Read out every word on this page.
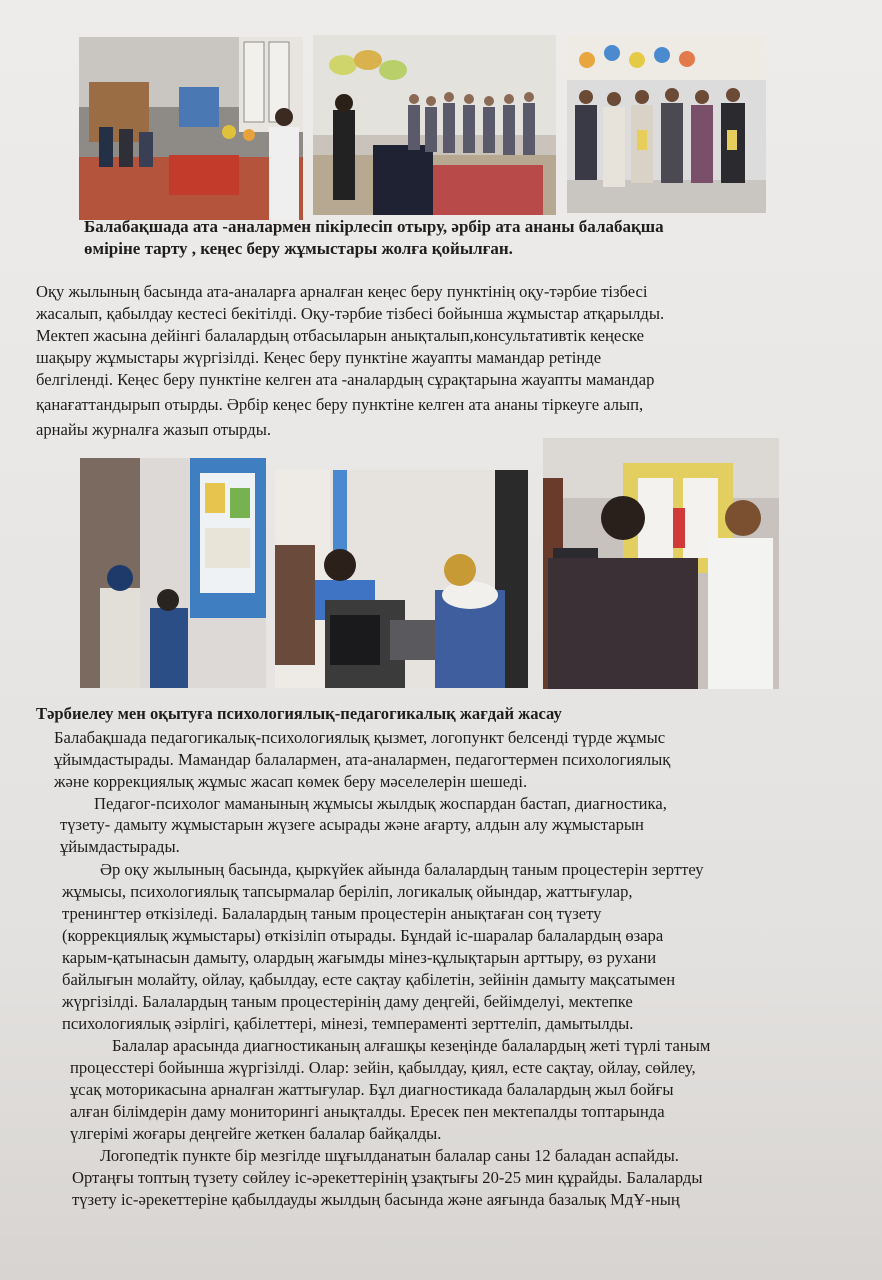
Балабақшада ата -аналармен пікірлесіп отыру, әрбір ата ананы балабақша
өміріне тарту , кеңес беру жұмыстары жолға қойылған.
Оқу жылының басында ата-аналарға арналған кеңес беру пунктінің оқу-тәрбие тізбесі
жасалып, қабылдау кестесі бекітілді. Оқу-тәрбие тізбесі бойынша жұмыстар атқарылды.
Мектеп жасына дейінгі балалардың отбасыларын анықталып,консультативтік кеңеске
шақыру жұмыстары жүргізілді. Кеңес беру пунктіне жауапты мамандар ретінде
белгіленді. Кеңес беру пунктіне келген ата -аналардың сұрақтарына жауапты мамандар
қанағаттандырып отырды. Әрбір кеңес беру пунктіне келген ата ананы тіркеуге алып,
арнайы журналға жазып отырды.
Тәрбиелеу мен оқытуға психологиялық-педагогикалық жағдай жасау
Балабақшада педагогикалық-психологиялық қызмет, логопункт белсенді түрде жұмыс
ұйымдастырады. Мамандар балалармен, ата-аналармен, педагогтермен психологиялық
және коррекциялық жұмыс жасап көмек беру мәселелерін шешеді.
Педагог-психолог маманының жұмысы жылдық жоспардан бастап, диагностика,
түзету- дамыту жұмыстарын жүзеге асырады және ағарту, алдын алу жұмыстарын
ұйымдастырады.
Әр оқу жылының басында, қыркүйек айында балалардың таным процестерін зерттеу
жұмысы, психологиялық тапсырмалар беріліп, логикалық ойындар, жаттығулар,
тренингтер өткізіледі. Балалардың таным процестерін анықтаған соң түзету
(коррекциялық жұмыстары) өткізіліп отырады. Бұндай іс-шаралар балалардың өзара
карым-қатынасын дамыту, олардың жағымды мінез-құлықтарын арттыру, өз рухани
байлығын молайту, ойлау, қабылдау, есте сақтау қабілетін, зейінін дамыту мақсатымен
жүргізілді. Балалардың таным процестерінің даму деңгейі, бейімделуі, мектепке
психологиялық әзірлігі, қабілеттері, мінезі, темпераменті зерттеліп, дамытылды.
Балалар арасында диагностиканың алғашқы кезеңінде балалардың жеті түрлі таным
процесстері бойынша жүргізілді. Олар: зейін, қабылдау, қиял, есте сақтау, ойлау, сөйлеу,
ұсақ моторикасына арналған жаттығулар. Бұл диагностикада балалардың жыл бойғы
алған білімдерін даму мониторингі анықталды. Ересек пен мектепалды топтарында
үлгерімі жоғары деңгейге жеткен балалар байқалды.
Логопедтік пункте бір мезгілде шұғылданатын балалар саны 12 баладан аспайды.
Ортаңғы топтың түзету сөйлеу іс-әрекеттерінің ұзақтығы 20-25 мин құрайды. Балаларды
түзету іс-әрекеттеріне қабылдауды жылдың басында және аяғында базалық МдҰ-ның
